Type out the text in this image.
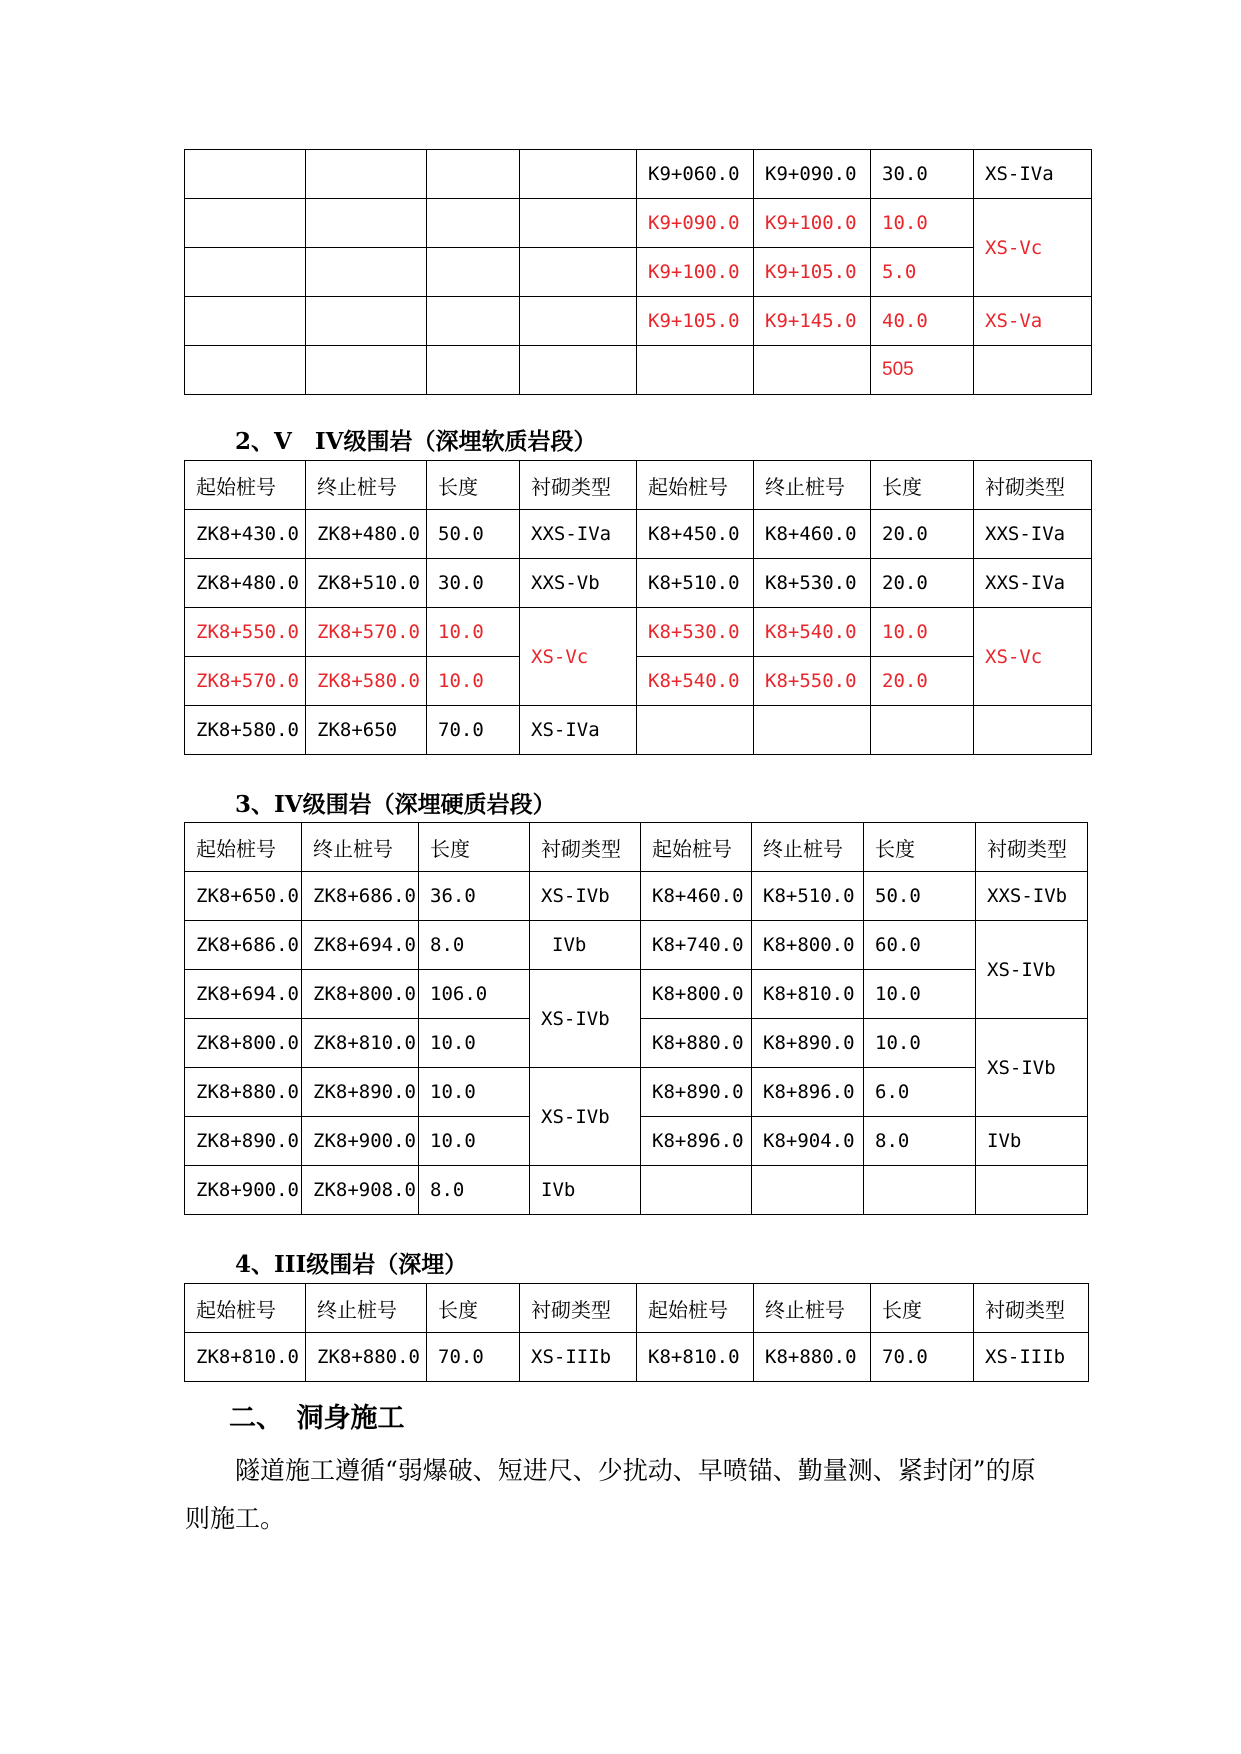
				K9+060.0	K9+090.0	30.0	XS-IVa
				K9+090.0	K9+100.0	10.0	XS-Vc
				K9+100.0	K9+105.0	5.0	
				K9+105.0	K9+145.0	40.0	XS-Va
						505	
2、V　IV级围岩（深埋软质岩段）
起始桩号	终止桩号	长度	衬砌类型	起始桩号	终止桩号	长度	衬砌类型
ZK8+430.0	ZK8+480.0	50.0	XXS-IVa	K8+450.0	K8+460.0	20.0	XXS-IVa
ZK8+480.0	ZK8+510.0	30.0	XXS-Vb	K8+510.0	K8+530.0	20.0	XXS-IVa
ZK8+550.0	ZK8+570.0	10.0	XS-Vc	K8+530.0	K8+540.0	10.0	XS-Vc
ZK8+570.0	ZK8+580.0	10.0		K8+540.0	K8+550.0	20.0	
ZK8+580.0	ZK8+650	70.0	XS-IVa				
3、IV级围岩（深埋硬质岩段）
起始桩号	终止桩号	长度	衬砌类型	起始桩号	终止桩号	长度	衬砌类型
ZK8+650.0	ZK8+686.0	36.0	XS-IVb	K8+460.0	K8+510.0	50.0	XXS-IVb
ZK8+686.0	ZK8+694.0	8.0	IVb	K8+740.0	K8+800.0	60.0	XS-IVb
ZK8+694.0	ZK8+800.0	106.0	XS-IVb	K8+800.0	K8+810.0	10.0	
ZK8+800.0	ZK8+810.0	10.0		K8+880.0	K8+890.0	10.0	XS-IVb
ZK8+880.0	ZK8+890.0	10.0	XS-IVb	K8+890.0	K8+896.0	6.0	
ZK8+890.0	ZK8+900.0	10.0		K8+896.0	K8+904.0	8.0	IVb
ZK8+900.0	ZK8+908.0	8.0	IVb				
4、III级围岩（深埋）
起始桩号	终止桩号	长度	衬砌类型	起始桩号	终止桩号	长度	衬砌类型
ZK8+810.0	ZK8+880.0	70.0	XS-IIIb	K8+810.0	K8+880.0	70.0	XS-IIIb
二、　洞身施工
隧道施工遵循“弱爆破、短进尺、少扰动、早喷锚、勤量测、紧封闭”的原
则施工。
